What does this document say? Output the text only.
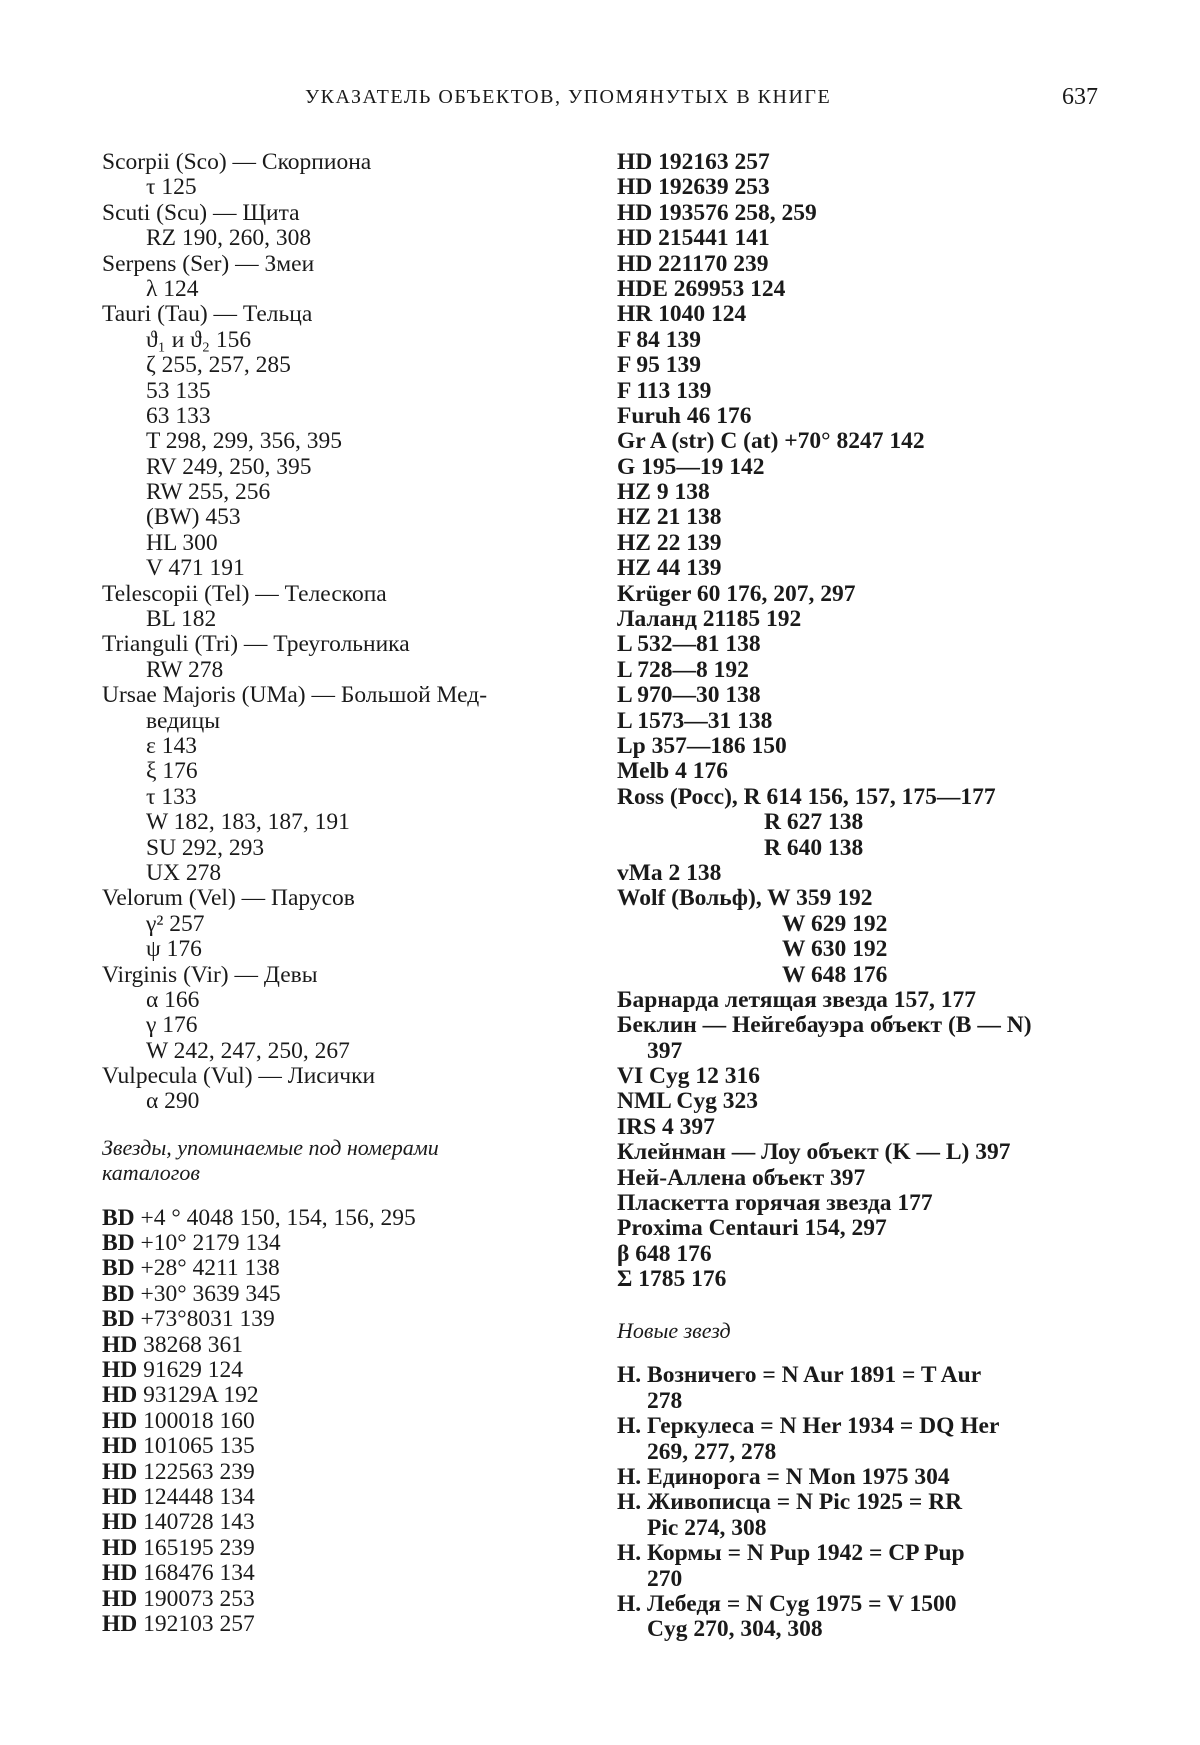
УКАЗАТЕЛЬ ОБЪЕКТОВ, УПОМЯНУТЫХ В КНИГЕ	637
Scorpii (Sco) — Скорпиона
τ 125
Scuti (Scu) — Щита
RZ 190, 260, 308
Serpens (Ser) — Змеи
λ 124
Tauri (Tau) — Тельца
ϑ₁ и ϑ₂ 156
ζ 255, 257, 285
53 135
63 133
T 298, 299, 356, 395
RV 249, 250, 395
RW 255, 256
(BW) 453
HL 300
V 471 191
Telescopii (Tel) — Телескопа
BL 182
Trianguli (Tri) — Треугольника
RW 278
Ursae Majoris (UMa) — Большой Мед-
ведицы
ε 143
ξ 176
τ 133
W 182, 183, 187, 191
SU 292, 293
UX 278
Velorum (Vel) — Парусов
γ² 257
ψ 176
Virginis (Vir) — Девы
α 166
γ 176
W 242, 247, 250, 267
Vulpecula (Vul) — Лисички
α 290
Звезды, упоминаемые под номерами
каталогов
BD +4 ° 4048 150, 154, 156, 295
BD +10° 2179 134
BD +28° 4211 138
BD +30° 3639 345
BD +73°8031 139
HD 38268 361
HD 91629 124
HD 93129A 192
HD 100018 160
HD 101065 135
HD 122563 239
HD 124448 134
HD 140728 143
HD 165195 239
HD 168476 134
HD 190073 253
HD 192103 257
HD 192163 257
HD 192639 253
HD 193576 258, 259
HD 215441 141
HD 221170 239
HDE 269953 124
HR 1040 124
F 84 139
F 95 139
F 113 139
Furuh 46 176
Gr A (str) C (at) +70° 8247 142
G 195—19 142
HZ 9 138
HZ 21 138
HZ 22 139
HZ 44 139
Krüger 60 176, 207, 297
Лаланд 21185 192
L 532—81 138
L 728—8 192
L 970—30 138
L 1573—31 138
Lp 357—186 150
Melb 4 176
Ross (Росс), R 614 156, 157, 175—177
R 627 138
R 640 138
vMa 2 138
Wolf (Вольф), W 359 192
W 629 192
W 630 192
W 648 176
Барнарда летящая звезда 157, 177
Беклин — Нейгебауэра объект (B — N)
397
VI Cyg 12 316
NML Cyg 323
IRS 4 397
Клейнман — Лоу объект (K — L) 397
Ней-Аллена объект 397
Пласкетта горячая звезда 177
Proxima Centauri 154, 297
β 648 176
Σ 1785 176
Новые звезд
Н. Возничего = N Aur 1891 = T Aur
278
Н. Геркулеса = N Her 1934 = DQ Her
269, 277, 278
Н. Единорога = N Mon 1975 304
Н. Живописца = N Pic 1925 = RR
Pic 274, 308
Н. Кормы = N Pup 1942 = CP Pup
270
Н. Лебедя = N Cyg 1975 = V 1500
Cyg 270, 304, 308
